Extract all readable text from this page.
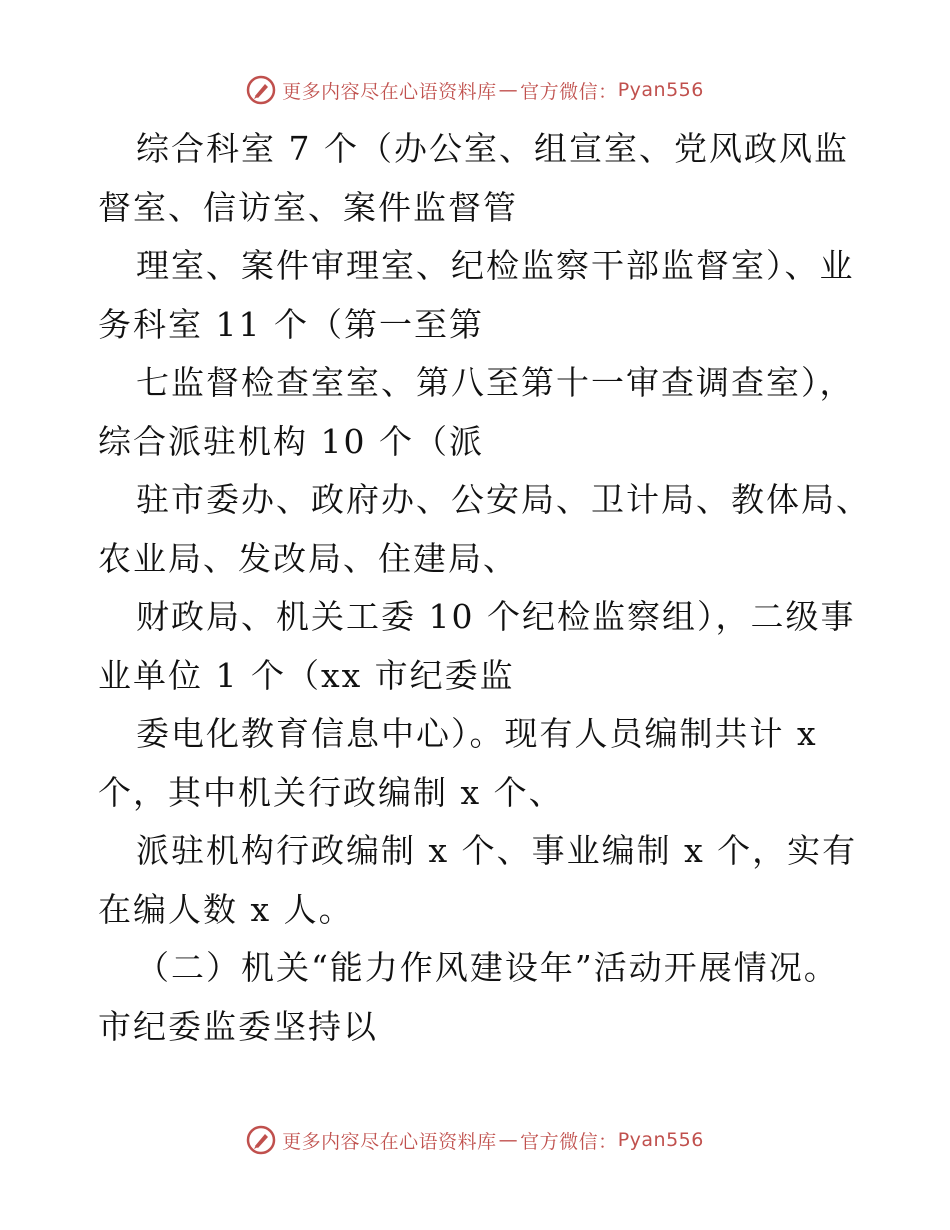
更多内容尽在心语资料库 — 官方微信： Pyan556
综合科室 7 个（办公室、组宣室、党风政风监
督室、信访室、案件监督管
理室、案件审理室、纪检监察干部监督室）、业
务科室 11 个（第一至第
七监督检查室室、第八至第十一审查调查室），
综合派驻机构 10 个（派
驻市委办、政府办、公安局、卫计局、教体局、
农业局、发改局、住建局、
财政局、机关工委 10 个纪检监察组），二级事
业单位 1 个（xx 市纪委监
委电化教育信息中心）。现有人员编制共计 x
个，其中机关行政编制 x 个、
派驻机构行政编制 x 个、事业编制 x 个，实有
在编人数 x 人。
（二）机关“能力作风建设年”活动开展情况。
市纪委监委坚持以
更多内容尽在心语资料库 — 官方微信： Pyan556
